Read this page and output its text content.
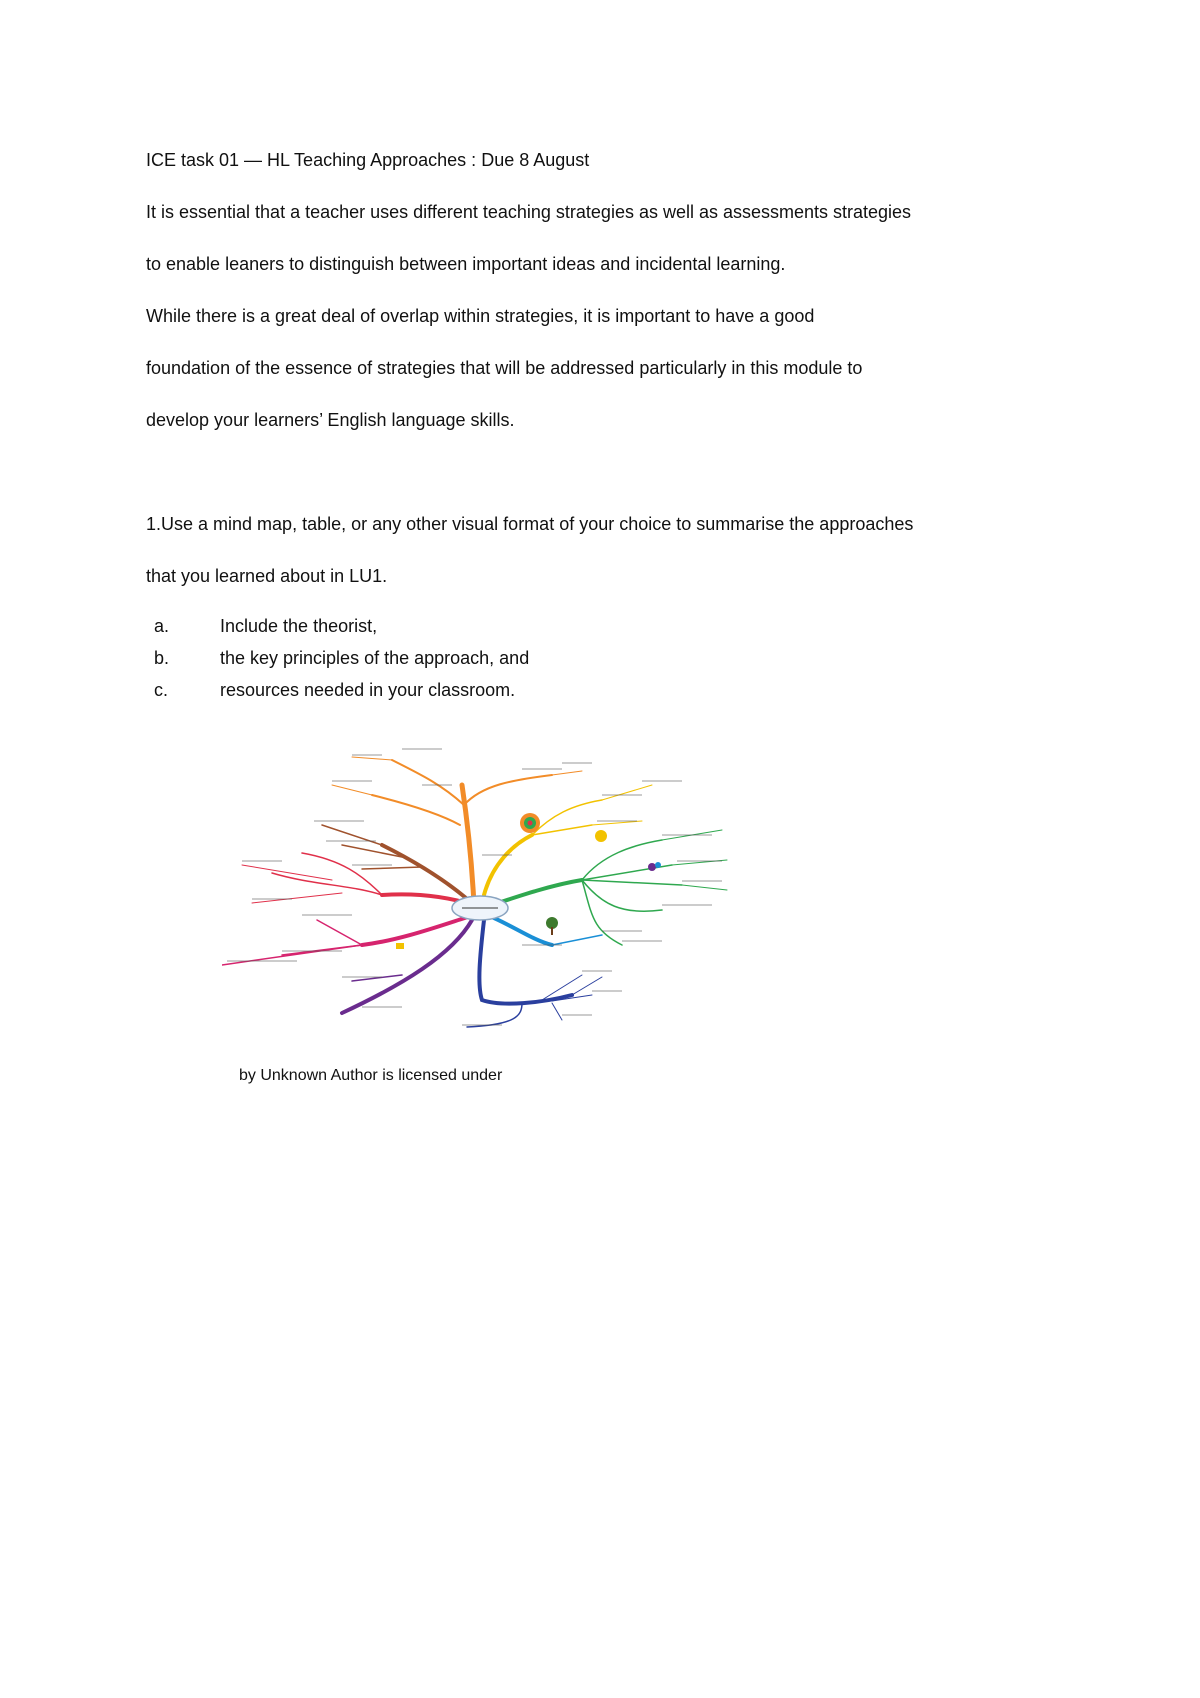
ICE task 01 — HL Teaching Approaches : Due 8 August
It is essential that a teacher uses different teaching strategies as well as assessments strategies
to enable leaners to distinguish between important ideas and incidental learning.
While there is a great deal of overlap within strategies, it is important to have a good
foundation of the essence of strategies that will be addressed particularly in this module to
develop your learners’ English language skills.
1.Use a mind map, table, or any other visual format of your choice to summarise the approaches
that you learned about in LU1.
a.	Include the theorist,
b.	the key principles of the approach, and
c.	resources needed in your classroom.
by Unknown Author is licensed under
